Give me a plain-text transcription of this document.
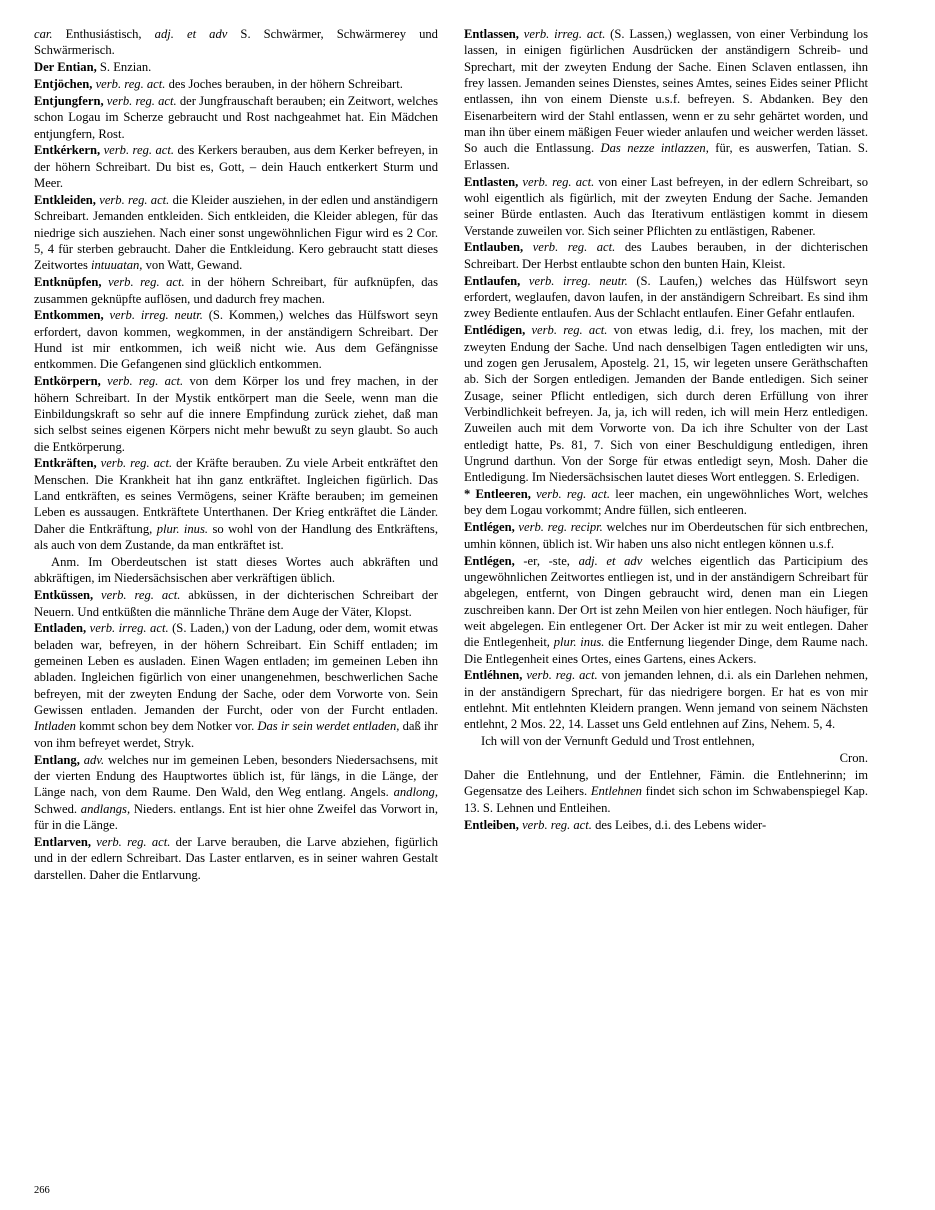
car. Enthusiástisch, adj. et adv S. Schwärmer, Schwärmerey und Schwärmerisch.

Der Entian, S. Enzian.

Entjöchen, verb. reg. act. des Joches berauben, in der höhern Schreibart.

Entjungfern, verb. reg. act. der Jungfrauschaft berauben; ein Zeitwort, welches schon Logau im Scherze gebraucht und Rost nachgeahmet hat. Ein Mädchen entjungfern, Rost.

Entkérkern, verb. reg. act. des Kerkers berauben, aus dem Kerker befreyen, in der höhern Schreibart. Du bist es, Gott, – dein Hauch entkerkert Sturm und Meer.

Entkleiden, verb. reg. act. die Kleider ausziehen, in der edlen und anständigern Schreibart. Jemanden entkleiden. Sich entkleiden, die Kleider ablegen, für das niedrige sich ausziehen. Nach einer sonst ungewöhnlichen Figur wird es 2 Cor. 5, 4 für sterben gebraucht. Daher die Entkleidung. Kero gebraucht statt dieses Zeitwortes intuuatan, von Watt, Gewand.

Entknüpfen, verb. reg. act. in der höhern Schreibart, für aufknüpfen, das zusammen geknüpfte auflösen, und dadurch frey machen.

Entkommen, verb. irreg. neutr. (S. Kommen,) welches das Hülfswort seyn erfordert, davon kommen, wegkommen, in der anständigern Schreibart. Der Hund ist mir entkommen, ich weiß nicht wie. Aus dem Gefängnisse entkommen. Die Gefangenen sind glücklich entkommen.

Entkörpern, verb. reg. act. von dem Körper los und frey machen, in der höhern Schreibart. In der Mystik entkörpert man die Seele, wenn man die Einbildungskraft so sehr auf die innere Empfindung zurück ziehet, daß man sich selbst seines eigenen Körpers nicht mehr bewußt zu seyn glaubt. So auch die Entkörperung.

Entkräften, verb. reg. act. der Kräfte berauben. Zu viele Arbeit entkräftet den Menschen. Die Krankheit hat ihn ganz entkräftet. Ingleichen figürlich. Das Land entkräften, es seines Vermögens, seiner Kräfte berauben; im gemeinen Leben es aussaugen. Entkräftete Unterthanen. Der Krieg entkräftet die Länder. Daher die Entkräftung, plur. inus. so wohl von der Handlung des Entkräftens, als auch von dem Zustande, da man entkräftet ist.

Anm. Im Oberdeutschen ist statt dieses Wortes auch abkräften und abkräftigen, im Niedersächsischen aber verkräftigen üblich.

Entküssen, verb. reg. act. abküssen, in der dichterischen Schreibart der Neuern. Und entküßten die männliche Thräne dem Auge der Väter, Klopst.

Entladen, verb. irreg. act. (S. Laden,) von der Ladung, oder dem, womit etwas beladen war, befreyen, in der höhern Schreibart. Ein Schiff entladen; im gemeinen Leben es ausladen. Einen Wagen entladen; im gemeinen Leben ihn abladen. Ingleichen figürlich von einer unangenehmen, beschwerlichen Sache befreyen, mit der zweyten Endung der Sache, oder dem Vorworte von. Sein Gewissen entladen. Jemanden der Furcht, oder von der Furcht entladen. Intladen kommt schon bey dem Notker vor. Das ir sein werdet entladen, daß ihr von ihm befreyet werdet, Stryk.

Entlang, adv. welches nur im gemeinen Leben, besonders Niedersachsens, mit der vierten Endung des Hauptwortes üblich ist, für längs, in die Länge, der Länge nach, von dem Raume. Den Wald, den Weg entlang. Angels. andlong, Schwed. andlangs, Nieders. entlangs. Ent ist hier ohne Zweifel das Vorwort in, für in die Länge.

Entlarven, verb. reg. act. der Larve berauben, die Larve abziehen, figürlich und in der edlern Schreibart. Das Laster entlarven, es in seiner wahren Gestalt darstellen. Daher die Entlarvung.

Entlassen, verb. irreg. act. (S. Lassen,) weglassen, von einer Verbindung los lassen, in einigen figürlichen Ausdrücken der anständigern Schreib- und Sprechart, mit der zweyten Endung der Sache. Einen Sclaven entlassen, ihn frey lassen. Jemanden seines Dienstes, seines Amtes, seines Eides seiner Pflicht entlassen, ihn von einem Dienste u.s.f. befreyen. S. Abdanken. Bey den Eisenarbeitern wird der Stahl entlassen, wenn er zu sehr gehärtet worden, und man ihn über einem mäßigen Feuer wieder anlaufen und weicher werden lässet. So auch die Entlassung. Das nezze intlazzen, für, es auswerfen, Tatian. S. Erlassen.

Entlasten, verb. reg. act. von einer Last befreyen, in der edlern Schreibart, so wohl eigentlich als figürlich, mit der zweyten Endung der Sache. Jemanden seiner Bürde entlasten. Auch das Iterativum entlästigen kommt in diesem Verstande zuweilen vor. Sich seiner Pflichten zu entlästigen, Rabener.

Entlauben, verb. reg. act. des Laubes berauben, in der dichterischen Schreibart. Der Herbst entlaubte schon den bunten Hain, Kleist.

Entlaufen, verb. irreg. neutr. (S. Laufen,) welches das Hülfswort seyn erfordert, weglaufen, davon laufen, in der anständigern Schreibart. Es sind ihm zwey Bediente entlaufen. Aus der Schlacht entlaufen. Einer Gefahr entlaufen.

Entlédigen, verb. reg. act. von etwas ledig, d.i. frey, los machen, mit der zweyten Endung der Sache. Und nach denselbigen Tagen entledigten wir uns, und zogen gen Jerusalem, Apostelg. 21, 15, wir legeten unsere Geräthschaften ab. Sich der Sorgen entledigen. Jemanden der Bande entledigen. Sich seiner Zusage, seiner Pflicht entledigen, sich durch deren Erfüllung von ihrer Verbindlichkeit befreyen. Ja, ja, ich will reden, ich will mein Herz entledigen. Zuweilen auch mit dem Vorworte von. Da ich ihre Schulter von der Last entledigt hatte, Ps. 81, 7. Sich von einer Beschuldigung entledigen, ihren Ungrund darthun. Von der Sorge für etwas entledigt seyn, Mosh. Daher die Entledigung. Im Niedersächsischen lautet dieses Wort entleggen. S. Erledigen.

* Entleeren, verb. reg. act. leer machen, ein ungewöhnliches Wort, welches bey dem Logau vorkommt; Andre füllen, sich entleeren.

Entlégen, verb. reg. recipr. welches nur im Oberdeutschen für sich entbrechen, umhin können, üblich ist. Wir haben uns also nicht entlegen können u.s.f.

Entlégen, -er, -ste, adj. et adv welches eigentlich das Participium des ungewöhnlichen Zeitwortes entliegen ist, und in der anständigern Schreibart für abgelegen, entfernt, von Dingen gebraucht wird, denen man ein Liegen zuschreiben kann. Der Ort ist zehn Meilen von hier entlegen. Noch häufiger, für weit abgelegen. Ein entlegener Ort. Der Acker ist mir zu weit entlegen. Daher die Entlegenheit, plur. inus. die Entfernung liegender Dinge, dem Raume nach. Die Entlegenheit eines Ortes, eines Gartens, eines Ackers.

Entléhnen, verb. reg. act. von jemanden lehnen, d.i. als ein Darlehen nehmen, in der anständigern Sprechart, für das niedrigere borgen. Er hat es von mir entlehnt. Mit entlehnten Kleidern prangen. Wenn jemand von seinem Nächsten entlehnt, 2 Mos. 22, 14. Lasset uns Geld entlehnen auf Zins, Nehem. 5, 4.

Ich will von der Vernunft Geduld und Trost entlehnen,

Cron.

Daher die Entlehnung, und der Entlehner, Fämin. die Entlehnerinn; im Gegensatze des Leihers. Entlehnen findet sich schon im Schwabenspiegel Kap. 13. S. Lehnen und Entleihen.

Entleiben, verb. reg. act. des Leibes, d.i. des Lebens wider-

266
